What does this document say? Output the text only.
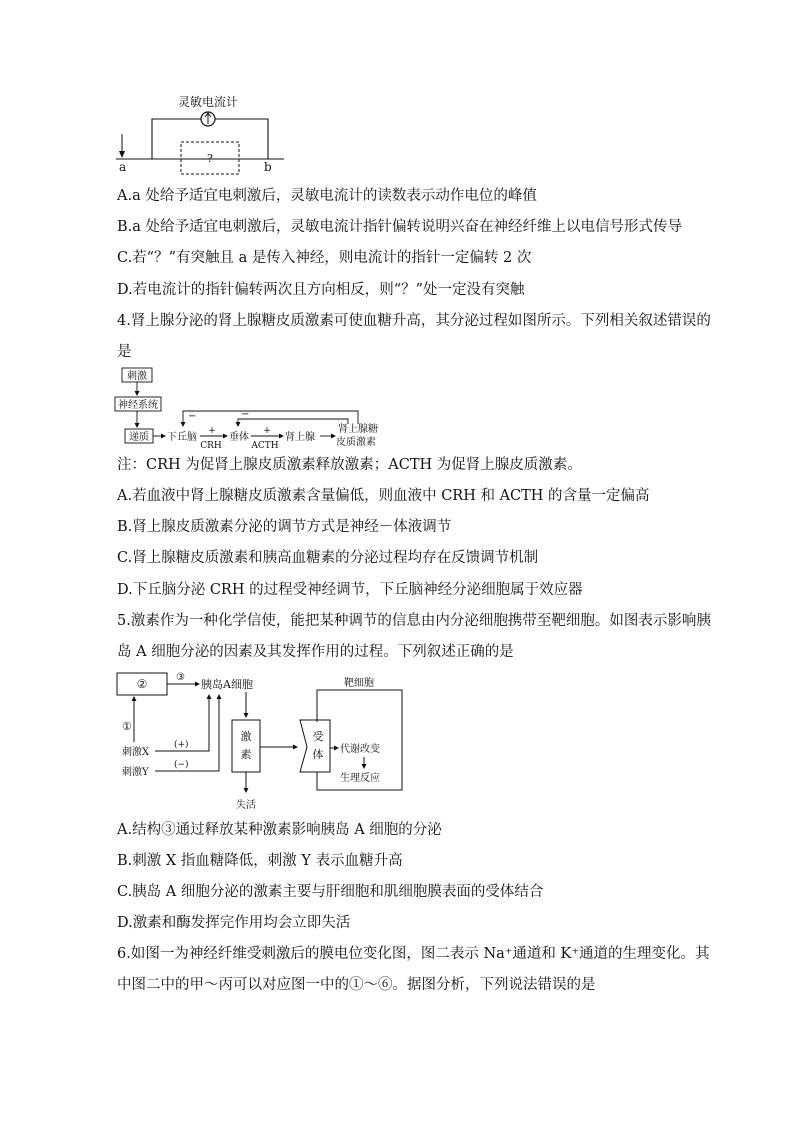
灵敏电流计
?
a	b
A.a 处给予适宜电刺激后，灵敏电流计的读数表示动作电位的峰值
B.a 处给予适宜电刺激后，灵敏电流计指针偏转说明兴奋在神经纤维上以电信号形式传导
C.若“？”有突触且 a 是传入神经，则电流计的指针一定偏转 2 次
D.若电流计的指针偏转两次且方向相反，则“？”处一定没有突触
4.肾上腺分泌的肾上腺糖皮质激素可使血糖升高，其分泌过程如图所示。下列相关叙述错误的
是
刺激
神经系统
递质 下丘脑
+
CRH
垂体
+
ACTH
肾上腺
肾上腺糖
皮质激素
−	−
注：CRH 为促肾上腺皮质激素释放激素；ACTH 为促肾上腺皮质激素。
A.若血液中肾上腺糖皮质激素含量偏低，则血液中 CRH 和 ACTH 的含量一定偏高
B.肾上腺皮质激素分泌的调节方式是神经－体液调节
C.肾上腺糖皮质激素和胰高血糖素的分泌过程均存在反馈调节机制
D.下丘脑分泌 CRH 的过程受神经调节，下丘脑神经分泌细胞属于效应器
5.激素作为一种化学信使，能把某种调节的信息由内分泌细胞携带至靶细胞。如图表示影响胰
岛 A 细胞分泌的因素及其发挥作用的过程。下列叙述正确的是
②	③
胰岛A细胞
①
刺激X
(+)
刺激Y
(−)
激
素
失活
靶细胞
受
体 代谢改变
生理反应
A.结构③通过释放某种激素影响胰岛 A 细胞的分泌
B.刺激 X 指血糖降低，刺激 Y 表示血糖升高
C.胰岛 A 细胞分泌的激素主要与肝细胞和肌细胞膜表面的受体结合
D.激素和酶发挥完作用均会立即失活
6.如图一为神经纤维受刺激后的膜电位变化图，图二表示 Na⁺通道和 K⁺通道的生理变化。其
中图二中的甲～丙可以对应图一中的①～⑥。据图分析，下列说法错误的是
